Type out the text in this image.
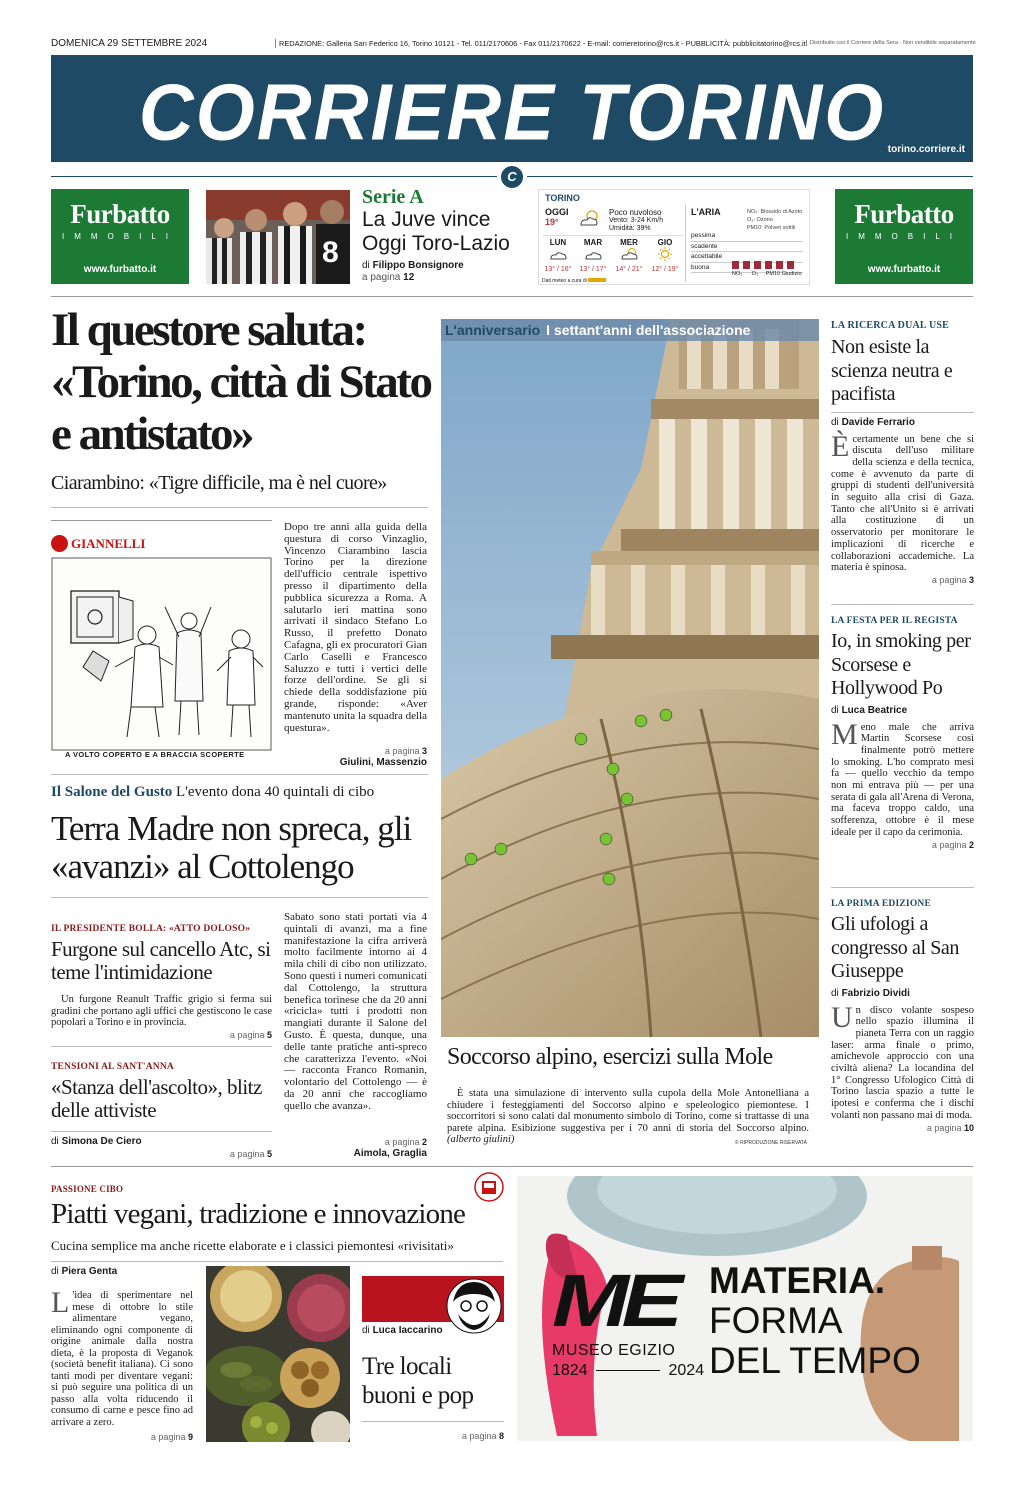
DOMENICA 29 SETTEMBRE 2024	REDAZIONE: Galleria San Federico 16, Torino 10121 - Tel. 011/2170606 - Fax 011/2170622 - E-mail: corrieretorino@rcs.it - PUBBLICITÀ: pubblicitatorino@rcs.it Distribuito con il Corriere della Sera - Non vendibile separatamente
CORRIERE TORINO torino.corriere.it
C
Furbatto
IMMOBILI
www.furbatto.it
Furbatto
IMMOBILI
www.furbatto.it
8
Serie A
La Juve vince
Oggi Toro-Lazio
di Filippo Bonsignore
a pagina 12
TORINO
OGGI
19°
Poco nuvoloso
Vento: 3-24 Km/h
Umidità: 39%
LUN
13° / 16°
MAR
13° / 17°
MER
14° / 21°
GIO
12° / 19°
Dati meteo a cura di
L'ARIA	NO₂: Biossido di Azoto
O₃: Ozono
PM10: Polveri sottili
pessima
scadente
accettabile
buona
NO₂ O₃ PM10 Giudizio
Il questore saluta: «Torino, città di Stato e antistato»
Ciarambino: «Tigre difficile, ma è nel cuore»
GIANNELLI
A VOLTO COPERTO E A BRACCIA SCOPERTE
Dopo tre anni alla guida della questura di corso Vinzaglio, Vincenzo Ciarambino lascia Torino per la direzione dell'ufficio centrale ispettivo presso il dipartimento della pubblica sicurezza a Roma. A salutarlo ieri mattina sono arrivati il sindaco Stefano Lo Russo, il prefetto Donato Cafagna, gli ex procuratori Gian Carlo Caselli e Francesco Saluzzo e tutti i vertici delle forze dell'ordine. Se gli si chiede della soddisfazione più grande, risponde: «Aver mantenuto unita la squadra della questura».
a pagina 3
Giulini, Massenzio
Il Salone del Gusto L'evento dona 40 quintali di cibo
Terra Madre non spreca, gli «avanzi» al Cottolengo
IL PRESIDENTE BOLLA: «ATTO DOLOSO»
Furgone sul cancello Atc, si teme l'intimidazione
Un furgone Reanult Traffic grigio si ferma sui gradini che portano agli uffici che gestiscono le case popolari a Torino e in provincia.
a pagina 5
TENSIONI AL SANT'ANNA
«Stanza dell'ascolto», blitz delle attiviste
di Simona De Ciero
a pagina 5
Sabato sono stati portati via 4 quintali di avanzi, ma a fine manifestazione la cifra arriverà molto facilmente intorno ai 4 mila chili di cibo non utilizzato. Sono questi i numeri comunicati dal Cottolengo, la struttura benefica torinese che da 20 anni «ricicla» tutti i prodotti non mangiati durante il Salone del Gusto. È questa, dunque, una delle tante pratiche anti-spreco che caratterizza l'evento. «Noi — racconta Franco Romanin, volontario del Cottolengo — è da 20 anni che raccogliamo quello che avanza».
a pagina 2
Aimola, Graglia
L'anniversario I settant'anni dell'associazione
Soccorso alpino, esercizi sulla Mole
È stata una simulazione di intervento sulla cupola della Mole Antonelliana a chiudere i festeggiamenti del Soccorso alpino e speleologico piemontese. I soccorritori si sono calati dal monumento simbolo di Torino, come si trattasse di una parete alpina. Esibizione suggestiva per i 70 anni di storia del Soccorso alpino. (alberto giulini)	© RIPRODUZIONE RISERVATA
LA RICERCA DUAL USE
Non esiste la scienza neutra e pacifista
di Davide Ferrario
Ècertamente un bene che si discuta dell'uso militare della scienza e della tecnica, come è avvenuto da parte di gruppi di studenti dell'università in seguito alla crisi di Gaza. Tanto che all'Unito si è arrivati alla costituzione di un osservatorio per monitorare le implicazioni di ricerche e collaborazioni accademiche. La materia è spinosa.
a pagina 3
LA FESTA PER IL REGISTA
Io, in smoking per Scorsese e Hollywood Po
di Luca Beatrice
Meno male che arriva Martin Scorsese così finalmente potrò mettere lo smoking. L'ho comprato mesi fa — quello vecchio da tempo non mi entrava più — per una serata di gala all'Arena di Verona, ma faceva troppo caldo, una sofferenza, ottobre è il mese ideale per il capo da cerimonia.
a pagina 2
LA PRIMA EDIZIONE
Gli ufologi a congresso al San Giuseppe
di Fabrizio Dividi
Un disco volante sospeso nello spazio illumina il pianeta Terra con un raggio laser: arma finale o primo, amichevole approccio con una civiltà aliena? La locandina del 1° Congresso Ufologico Città di Torino lascia spazio a tutte le ipotesi e conferma che i dischi volanti non passano mai di moda.
a pagina 10
PASSIONE CIBO
Piatti vegani, tradizione e innovazione
Cucina semplice ma anche ricette elaborate e i classici piemontesi «rivisitati»
di Piera Genta
L 'idea di sperimentare nel mese di ottobre lo stile alimentare vegano, eliminando ogni componente di origine animale dalla nostra dieta, è la proposta di Veganok (società benefit italiana). Ci sono tanti modi per diventare vegani: si può seguire una politica di un passo alla volta riducendo il consumo di carne e pesce fino ad arrivare a zero.
a pagina 9
di Luca Iaccarino
Tre locali buoni e pop
a pagina 8
ME
MUSEO EGIZIO
1824	2024
MATERIA.
FORMA
DEL TEMPO
